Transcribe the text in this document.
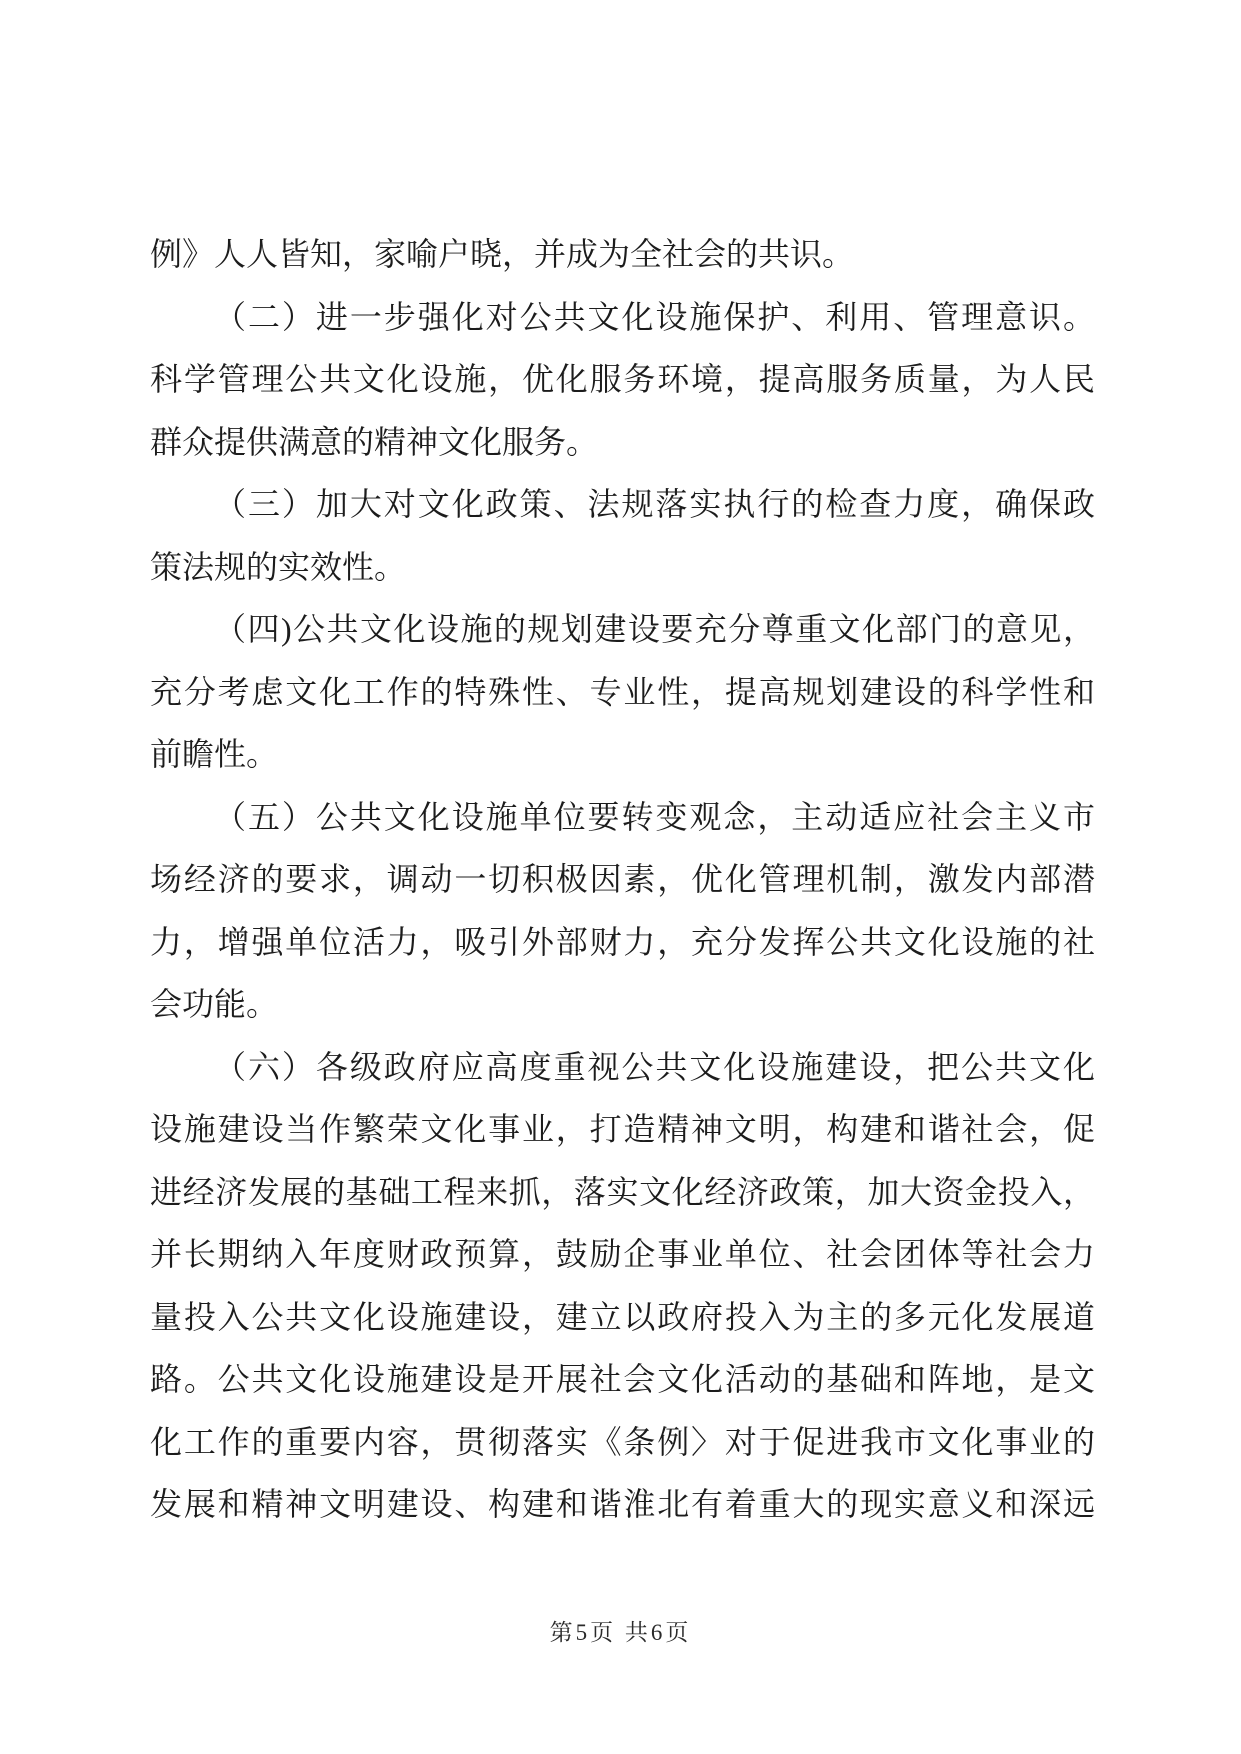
例》人人皆知，家喻户晓，并成为全社会的共识。
（二）进一步强化对公共文化设施保护、利用、管理意识。
科学管理公共文化设施，优化服务环境，提高服务质量，为人民
群众提供满意的精神文化服务。
（三）加大对文化政策、法规落实执行的检查力度，确保政
策法规的实效性。
（四)公共文化设施的规划建设要充分尊重文化部门的意见，
充分考虑文化工作的特殊性、专业性，提高规划建设的科学性和
前瞻性。
（五）公共文化设施单位要转变观念，主动适应社会主义市
场经济的要求，调动一切积极因素，优化管理机制，激发内部潜
力，增强单位活力，吸引外部财力，充分发挥公共文化设施的社
会功能。
（六）各级政府应高度重视公共文化设施建设，把公共文化
设施建设当作繁荣文化事业，打造精神文明，构建和谐社会，促
进经济发展的基础工程来抓，落实文化经济政策，加大资金投入，
并长期纳入年度财政预算，鼓励企事业单位、社会团体等社会力
量投入公共文化设施建设，建立以政府投入为主的多元化发展道
路。公共文化设施建设是开展社会文化活动的基础和阵地，是文
化工作的重要内容，贯彻落实《条例〉对于促进我市文化事业的
发展和精神文明建设、构建和谐淮北有着重大的现实意义和深远
第5页 共6页
